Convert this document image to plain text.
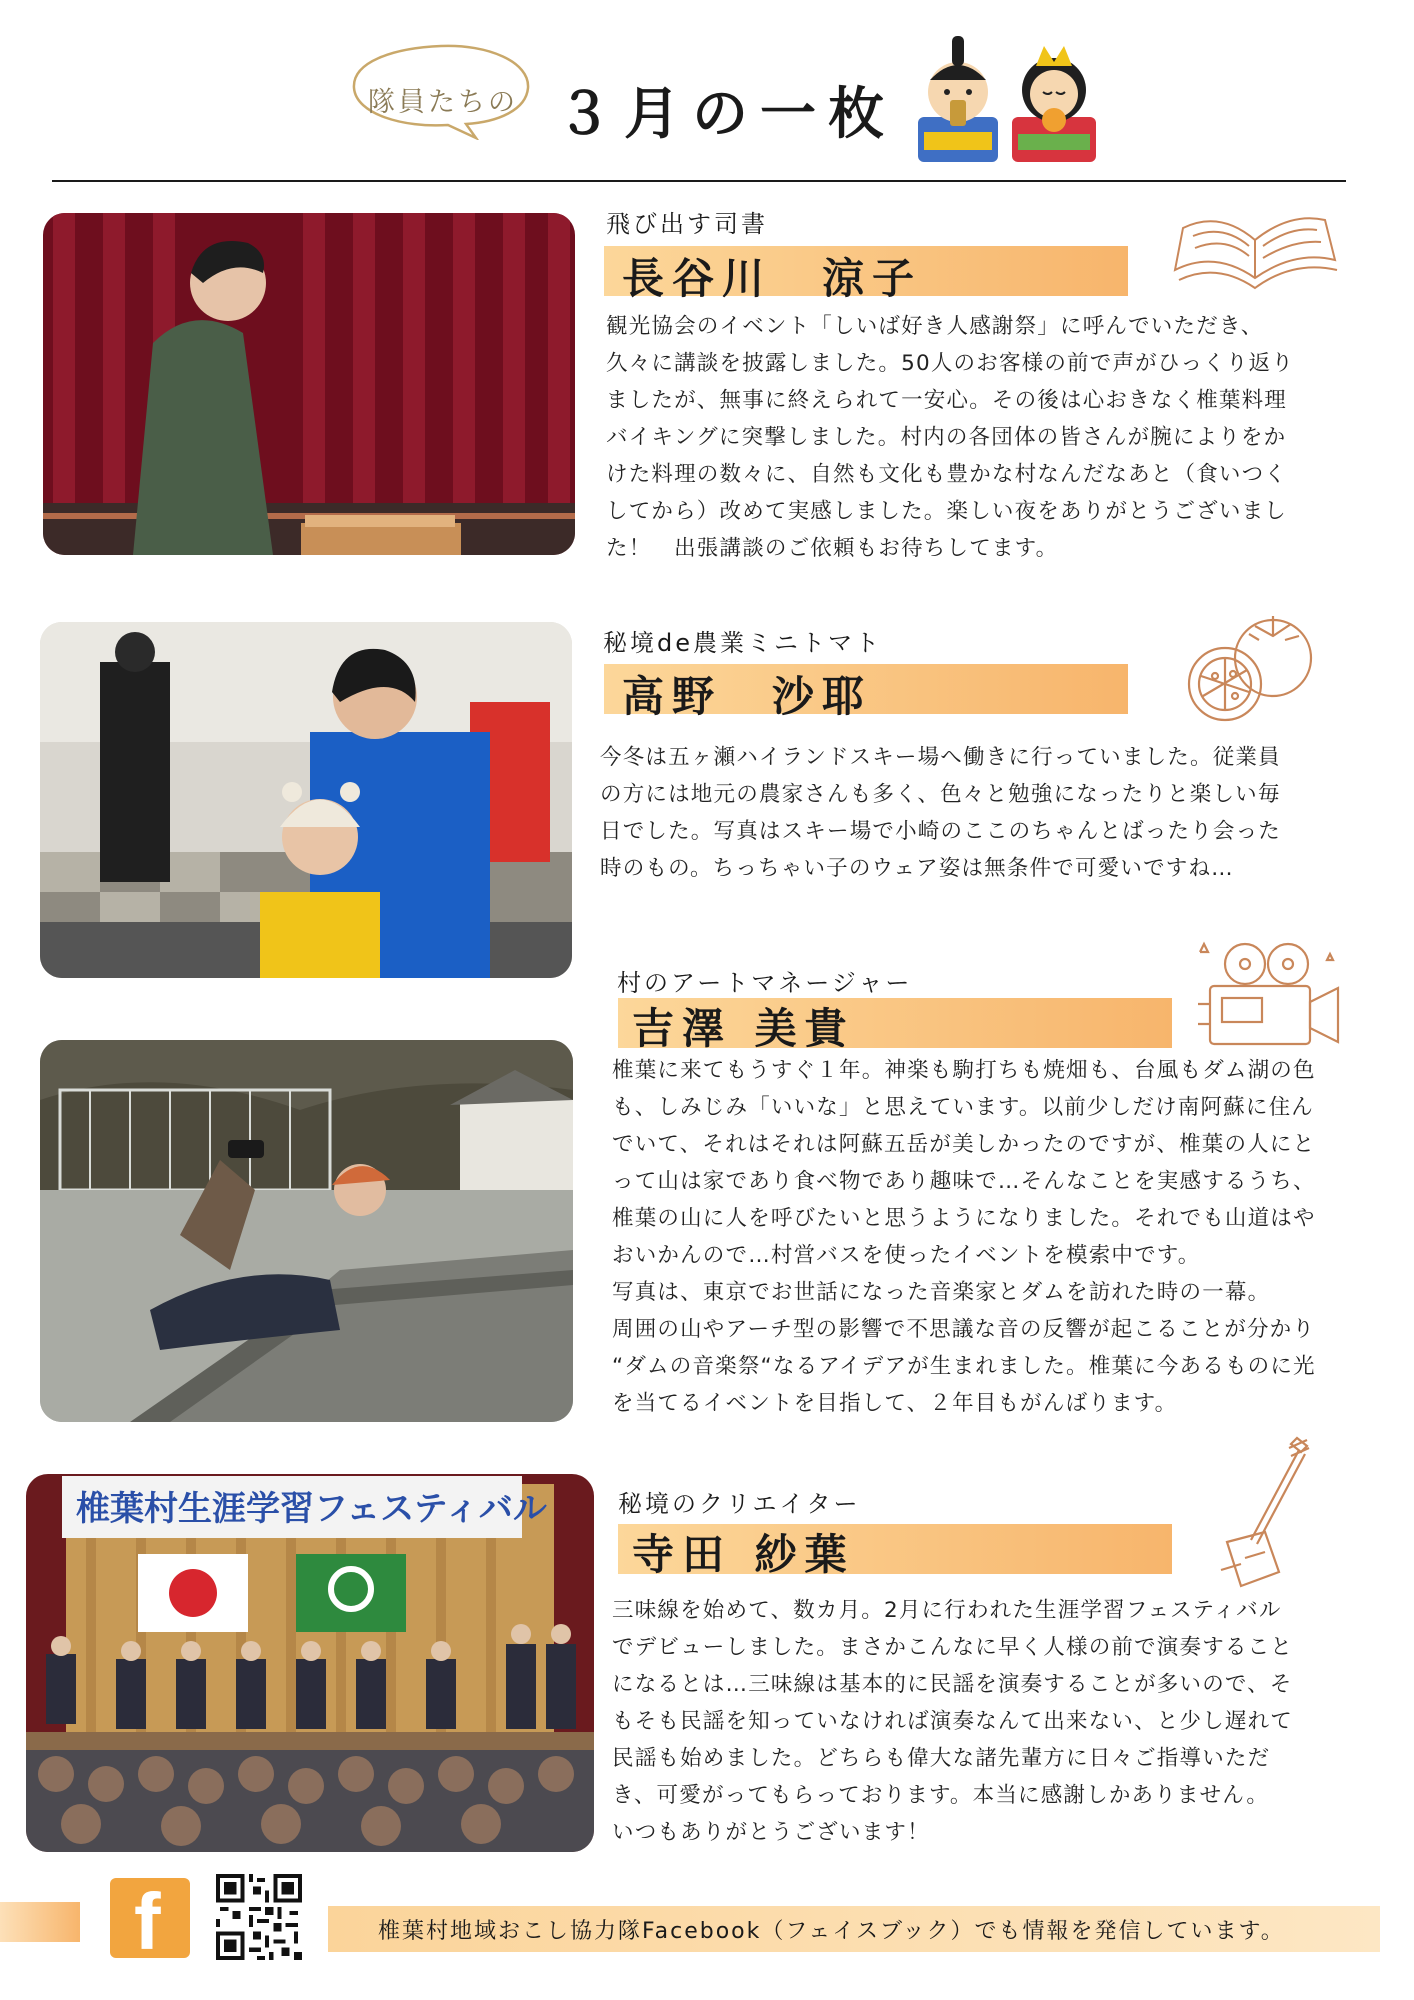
隊員たちの ３月の一枚
飛び出す司書
長谷川　涼子

観光協会のイベント「しいば好き人感謝祭」に呼んでいただき、

久々に講談を披露しました。50人のお客様の前で声がひっくり返り

ましたが、無事に終えられて一安心。その後は心おきなく椎葉料理

バイキングに突撃しました。村内の各団体の皆さんが腕によりをか

けた料理の数々に、自然も文化も豊かな村なんだなあと（食いつく

してから）改めて実感しました。楽しい夜をありがとうございまし

た！　出張講談のご依頼もお待ちしてます。

秘境de農業ミニトマト
高野　沙耶

今冬は五ヶ瀬ハイランドスキー場へ働きに行っていました。従業員

の方には地元の農家さんも多く、色々と勉強になったりと楽しい毎

日でした。写真はスキー場で小崎のここのちゃんとばったり会った

時のもの。ちっちゃい子のウェア姿は無条件で可愛いですね…

村のアートマネージャー
吉澤 美貴

椎葉に来てもうすぐ１年。神楽も駒打ちも焼畑も、台風もダム湖の色

も、しみじみ「いいな」と思えています。以前少しだけ南阿蘇に住ん

でいて、それはそれは阿蘇五岳が美しかったのですが、椎葉の人にと

って山は家であり食べ物であり趣味で…そんなことを実感するうち、

椎葉の山に人を呼びたいと思うようになりました。それでも山道はや

おいかんので…村営バスを使ったイベントを模索中です。

写真は、東京でお世話になった音楽家とダムを訪れた時の一幕。

周囲の山やアーチ型の影響で不思議な音の反響が起こることが分かり

“ダムの音楽祭“なるアイデアが生まれました。椎葉に今あるものに光

を当てるイベントを目指して、２年目もがんばります。

椎葉村生涯学習フェスティバル	秘境のクリエイター
寺田 紗葉

三味線を始めて、数カ月。2月に行われた生涯学習フェスティバル

でデビューしました。まさかこんなに早く人様の前で演奏すること

になるとは…三味線は基本的に民謡を演奏することが多いので、そ

もそも民謡を知っていなければ演奏なんて出来ない、と少し遅れて

民謡も始めました。どちらも偉大な諸先輩方に日々ご指導いただ

き、可愛がってもらっております。本当に感謝しかありません。

いつもありがとうございます！

f	椎葉村地域おこし協力隊Facebook（フェイスブック）でも情報を発信しています。
